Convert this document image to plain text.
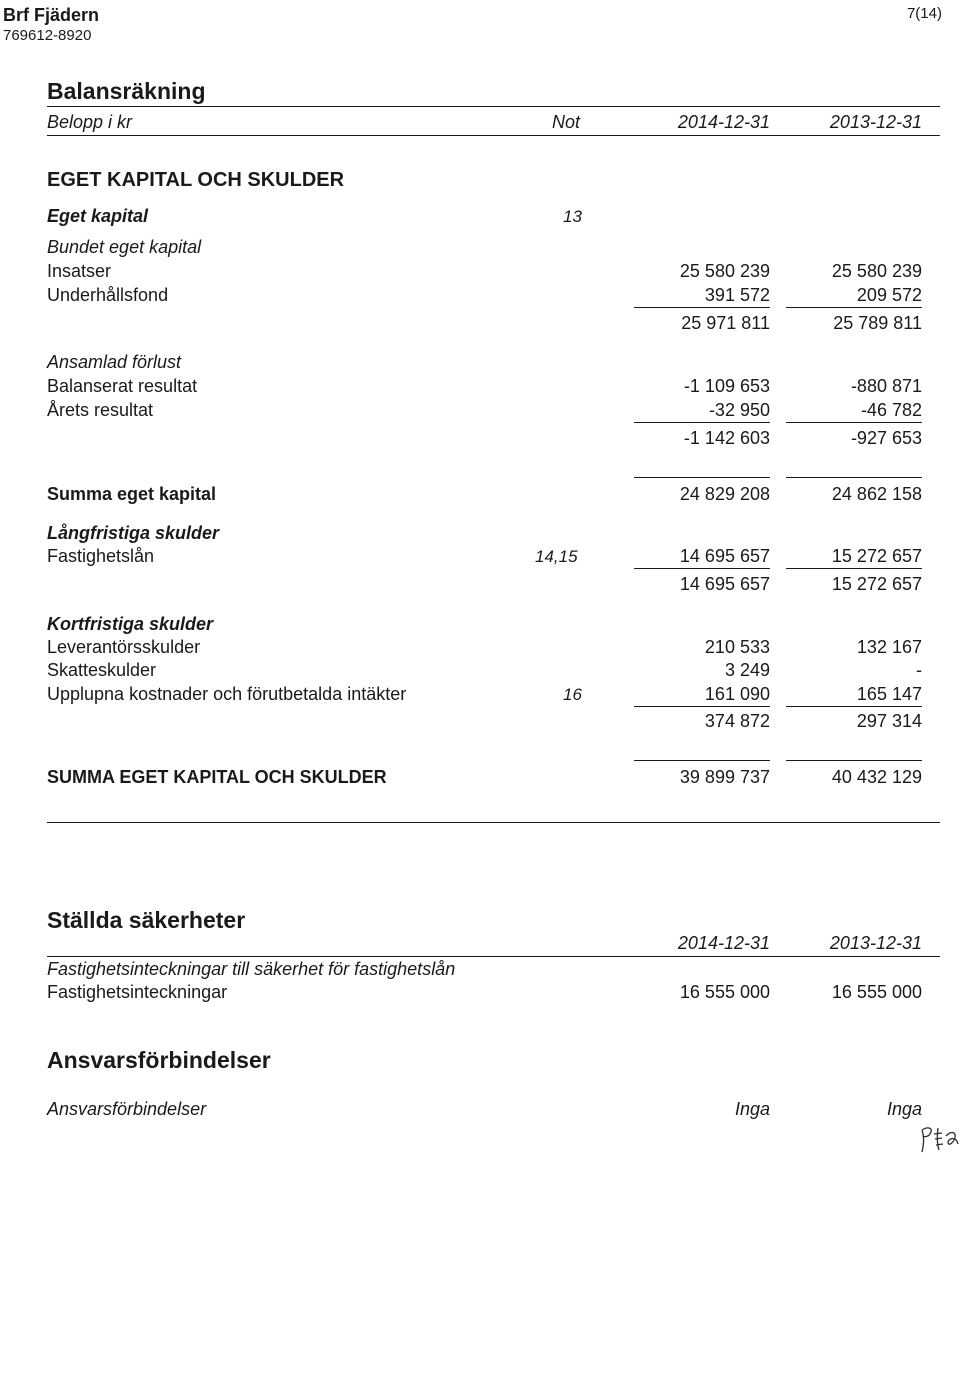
Brf Fjädern
769612-8920
7(14)
Balansräkning
Belopp i kr	Not	2014-12-31	2013-12-31
EGET KAPITAL OCH SKULDER
Eget kapital	13
Bundet eget kapital
Insatser	25 580 239	25 580 239
Underhållsfond	391 572	209 572
25 971 811	25 789 811
Ansamlad förlust
Balanserat resultat	-1 109 653	-880 871
Årets resultat	-32 950	-46 782
-1 142 603	-927 653
Summa eget kapital	24 829 208	24 862 158
Långfristiga skulder
Fastighetslån	14,15	14 695 657	15 272 657
14 695 657	15 272 657
Kortfristiga skulder
Leverantörsskulder	210 533	132 167
Skatteskulder	3 249	-
Upplupna kostnader och förutbetalda intäkter	16	161 090	165 147
374 872	297 314
SUMMA EGET KAPITAL OCH SKULDER	39 899 737	40 432 129
Ställda säkerheter
2014-12-31	2013-12-31
Fastighetsinteckningar till säkerhet för fastighetslån
Fastighetsinteckningar	16 555 000	16 555 000
Ansvarsförbindelser
Ansvarsförbindelser	Inga	Inga
